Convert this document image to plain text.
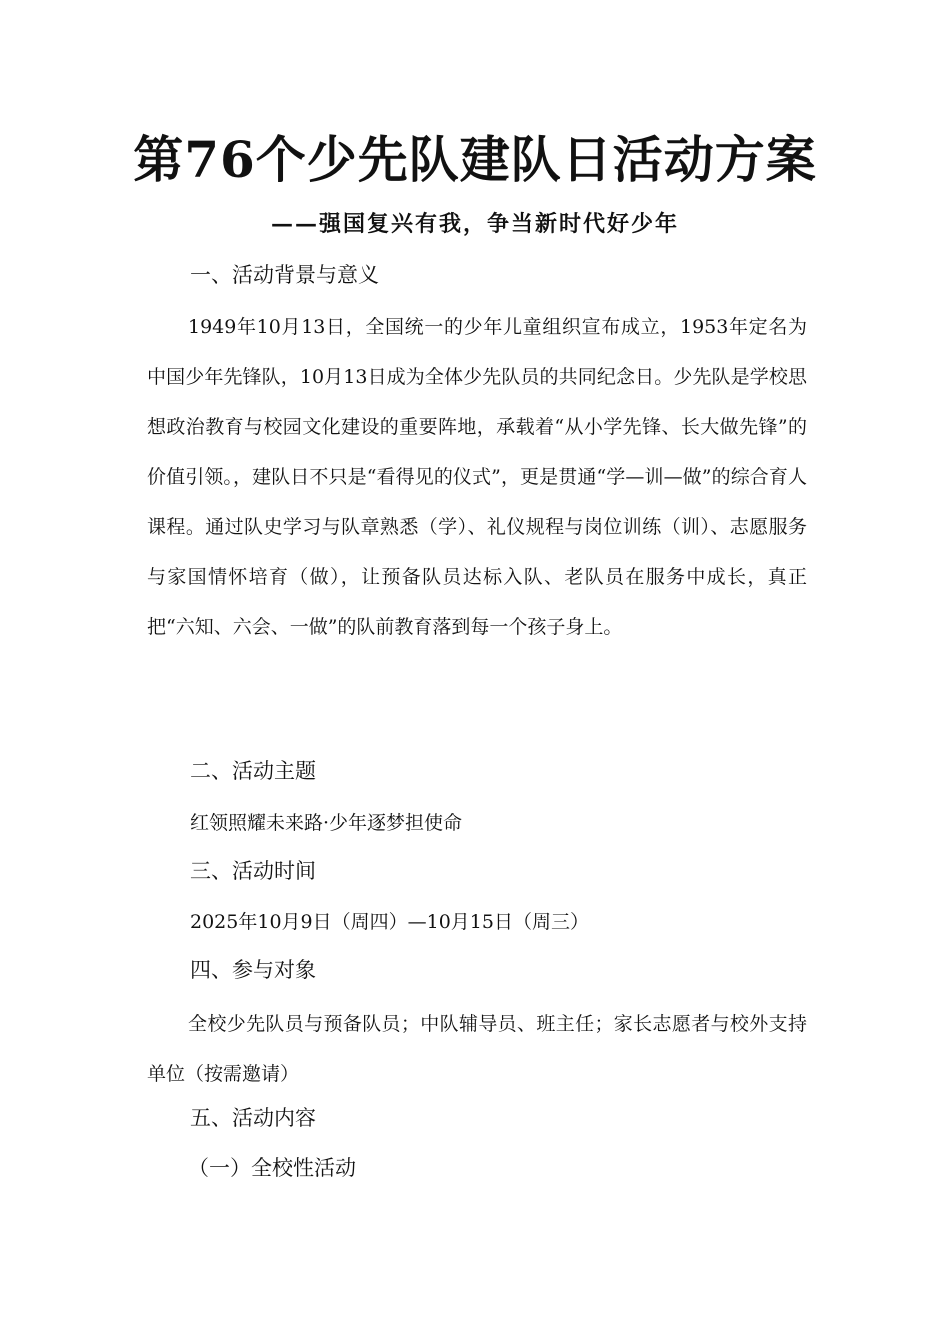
第76个少先队建队日活动方案
——强国复兴有我，争当新时代好少年
一、活动背景与意义
1949年10月13日，全国统一的少年儿童组织宣布成立，1953年定名为中国少年先锋队，10月13日成为全体少先队员的共同纪念日。少先队是学校思想政治教育与校园文化建设的重要阵地，承载着“从小学先锋、长大做先锋”的价值引领。，建队日不只是“看得见的仪式”，更是贯通“学—训—做”的综合育人课程。通过队史学习与队章熟悉（学）、礼仪规程与岗位训练（训）、志愿服务与家国情怀培育（做），让预备队员达标入队、老队员在服务中成长，真正把“六知、六会、一做”的队前教育落到每一个孩子身上。
二、活动主题
红领照耀未来路·少年逐梦担使命
三、活动时间
2025年10月9日（周四）—10月15日（周三）
四、参与对象
全校少先队员与预备队员；中队辅导员、班主任；家长志愿者与校外支持单位（按需邀请）
五、活动内容
（一）全校性活动
